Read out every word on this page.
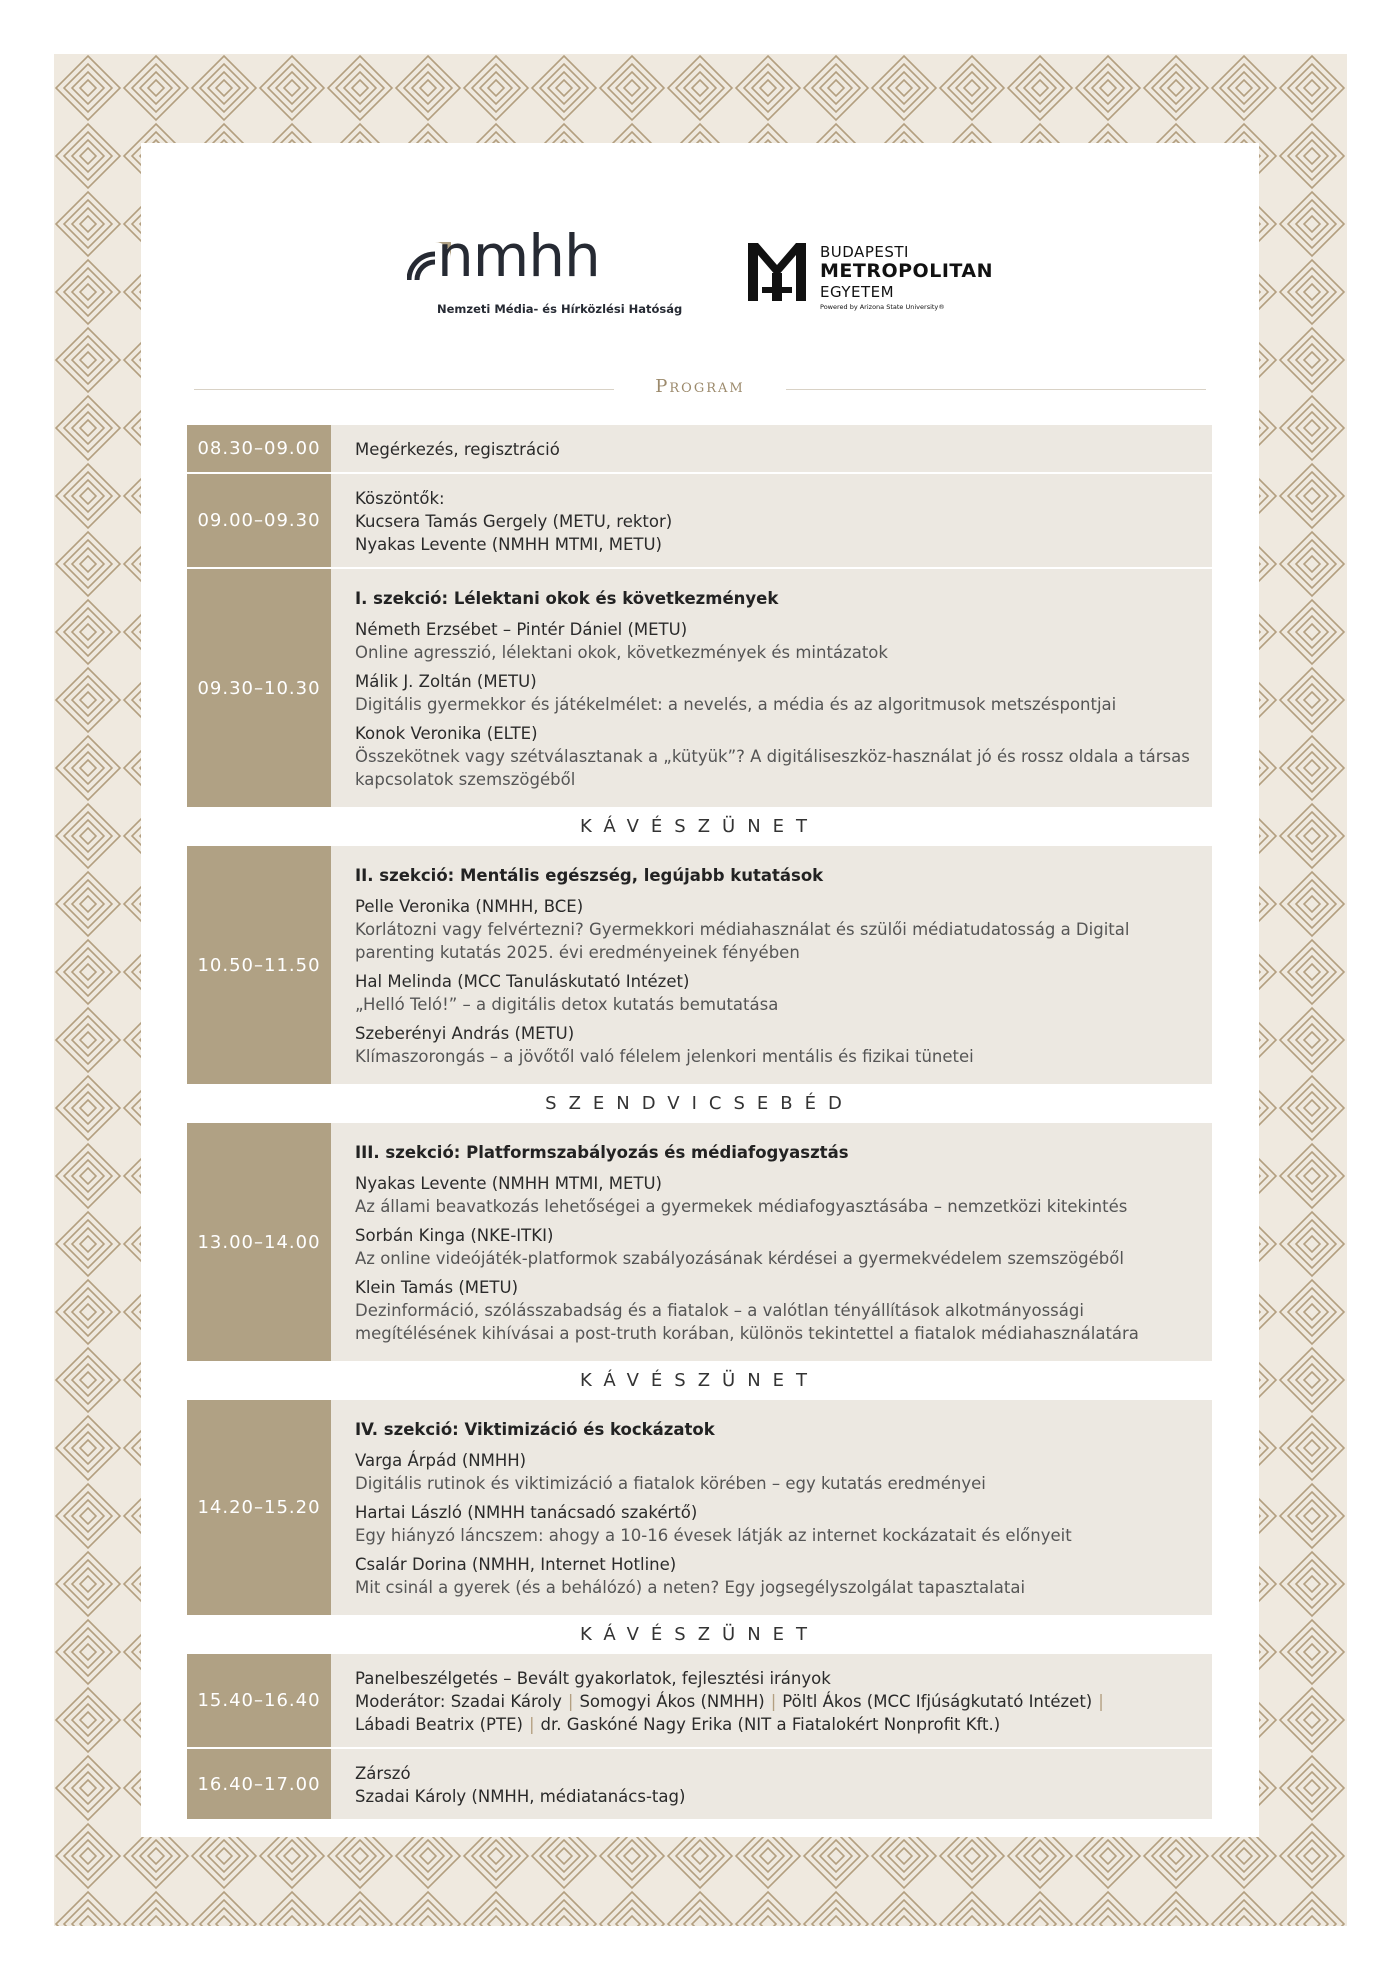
nmhh
Nemzeti Média- és Hírközlési Hatóság
BUDAPESTI
METROPOLITAN
EGYETEM
Powered by Arizona State University®
Program
08.30–09.00	Megérkezés, regisztráció
09.00–09.30
Köszöntők:
Kucsera Tamás Gergely (METU, rektor)
Nyakas Levente (NMHH MTMI, METU)
09.30–10.30
I. szekció: Lélektani okok és következmények
Németh Erzsébet – Pintér Dániel (METU)
Online agresszió, lélektani okok, következmények és mintázatok
Málik J. Zoltán (METU)
Digitális gyermekkor és játékelmélet: a nevelés, a média és az algoritmusok metszéspontjai
Konok Veronika (ELTE)
Összekötnek vagy szétválasztanak a „kütyük”? A digitáliseszköz-használat jó és rossz oldala a társas kapcsolatok szemszögéből
KÁVÉSZÜNET
10.50–11.50
II. szekció: Mentális egészség, legújabb kutatások
Pelle Veronika (NMHH, BCE)
Korlátozni vagy felvértezni? Gyermekkori médiahasználat és szülői médiatudatosság a Digital parenting kutatás 2025. évi eredményeinek fényében
Hal Melinda (MCC Tanuláskutató Intézet)
„Helló Teló!” – a digitális detox kutatás bemutatása
Szeberényi András (METU)
Klímaszorongás – a jövőtől való félelem jelenkori mentális és fizikai tünetei
SZENDVICSEBÉD
13.00–14.00
III. szekció: Platformszabályozás és médiafogyasztás
Nyakas Levente (NMHH MTMI, METU)
Az állami beavatkozás lehetőségei a gyermekek médiafogyasztásába – nemzetközi kitekintés
Sorbán Kinga (NKE-ITKI)
Az online videójáték-platformok szabályozásának kérdései a gyermekvédelem szemszögéből
Klein Tamás (METU)
Dezinformáció, szólásszabadság és a fiatalok – a valótlan tényállítások alkotmányossági megítélésének kihívásai a post-truth korában, különös tekintettel a fiatalok médiahasználatára
KÁVÉSZÜNET
14.20–15.20
IV. szekció: Viktimizáció és kockázatok
Varga Árpád (NMHH)
Digitális rutinok és viktimizáció a fiatalok körében – egy kutatás eredményei
Hartai László (NMHH tanácsadó szakértő)
Egy hiányzó láncszem: ahogy a 10-16 évesek látják az internet kockázatait és előnyeit
Csalár Dorina (NMHH, Internet Hotline)
Mit csinál a gyerek (és a behálózó) a neten? Egy jogsegélyszolgálat tapasztalatai
KÁVÉSZÜNET
15.40–16.40
Panelbeszélgetés – Bevált gyakorlatok, fejlesztési irányok
Moderátor: Szadai Károly | Somogyi Ákos (NMHH) | Pöltl Ákos (MCC Ifjúságkutató Intézet) |
Lábadi Beatrix (PTE) | dr. Gaskóné Nagy Erika (NIT a Fiatalokért Nonprofit Kft.)
16.40–17.00	Zárszó
Szadai Károly (NMHH, médiatanács-tag)
